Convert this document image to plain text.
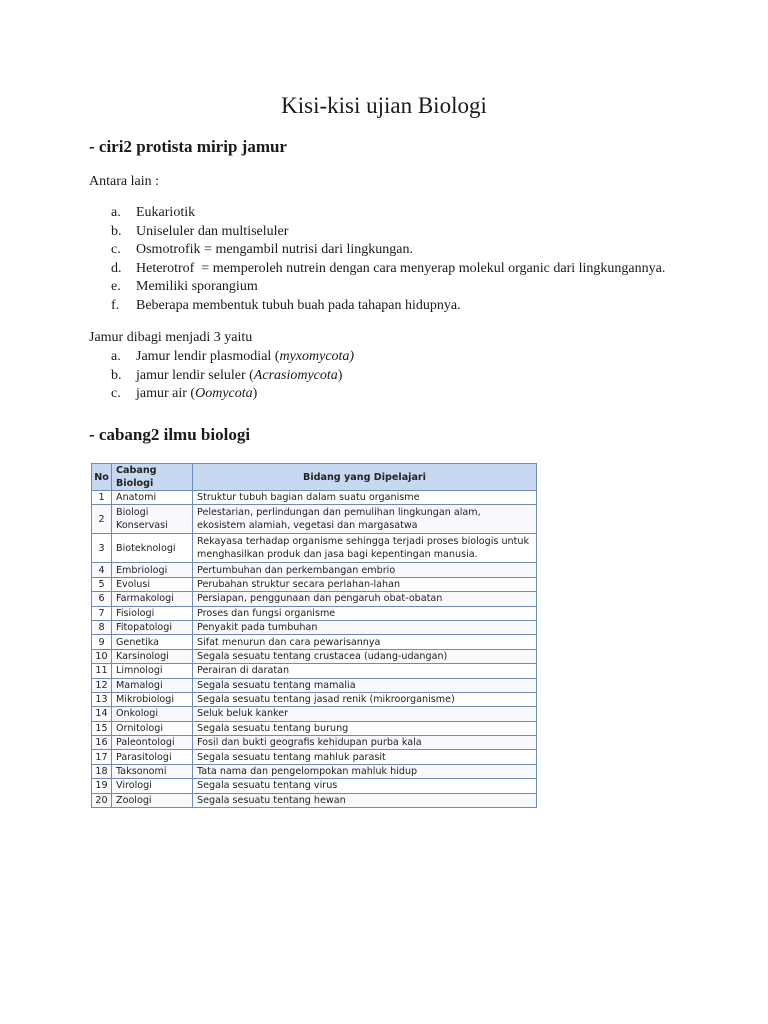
Kisi-kisi ujian Biologi
- ciri2 protista mirip jamur

Antara lain :

a.	Eukariotik
b. Uniseluler dan multiseluler
c.	Osmotrofik = mengambil nutrisi dari lingkungan.
d. Heterotrof  = memperoleh nutrein dengan cara menyerap molekul organic dari lingkungannya.
e.	Memiliki sporangium
f.	Beberapa membentuk tubuh buah pada tahapan hidupnya.

Jamur dibagi menjadi 3 yaitu

a.	Jamur lendir plasmodial (myxomycota)
b. jamur lendir seluler (Acrasiomycota)
c.	jamur air (Oomycota)
- cabang2 ilmu biologi
No	Cabang Biologi	Bidang yang Dipelajari
1	Anatomi	Struktur tubuh bagian dalam suatu organisme
2	Biologi Konservasi	Pelestarian, perlindungan dan pemulihan lingkungan alam, ekosistem alamiah, vegetasi dan margasatwa
3	Bioteknologi	Rekayasa terhadap organisme sehingga terjadi proses biologis untuk menghasilkan produk dan jasa bagi kepentingan manusia.
4	Embriologi	Pertumbuhan dan perkembangan embrio
5	Evolusi	Perubahan struktur secara perlahan-lahan
6	Farmakologi	Persiapan, penggunaan dan pengaruh obat-obatan
7	Fisiologi	Proses dan fungsi organisme
8	Fitopatologi	Penyakit pada tumbuhan
9	Genetika	Sifat menurun dan cara pewarisannya
10	Karsinologi	Segala sesuatu tentang crustacea (udang-udangan)
11	Limnologi	Perairan di daratan
12	Mamalogi	Segala sesuatu tentang mamalia
13	Mikrobiologi	Segala sesuatu tentang jasad renik (mikroorganisme)
14	Onkologi	Seluk beluk kanker
15	Ornitologi	Segala sesuatu tentang burung
16	Paleontologi	Fosil dan bukti geografis kehidupan purba kala
17	Parasitologi	Segala sesuatu tentang mahluk parasit
18	Taksonomi	Tata nama dan pengelompokan mahluk hidup
19	Virologi	Segala sesuatu tentang virus
20	Zoologi	Segala sesuatu tentang hewan
